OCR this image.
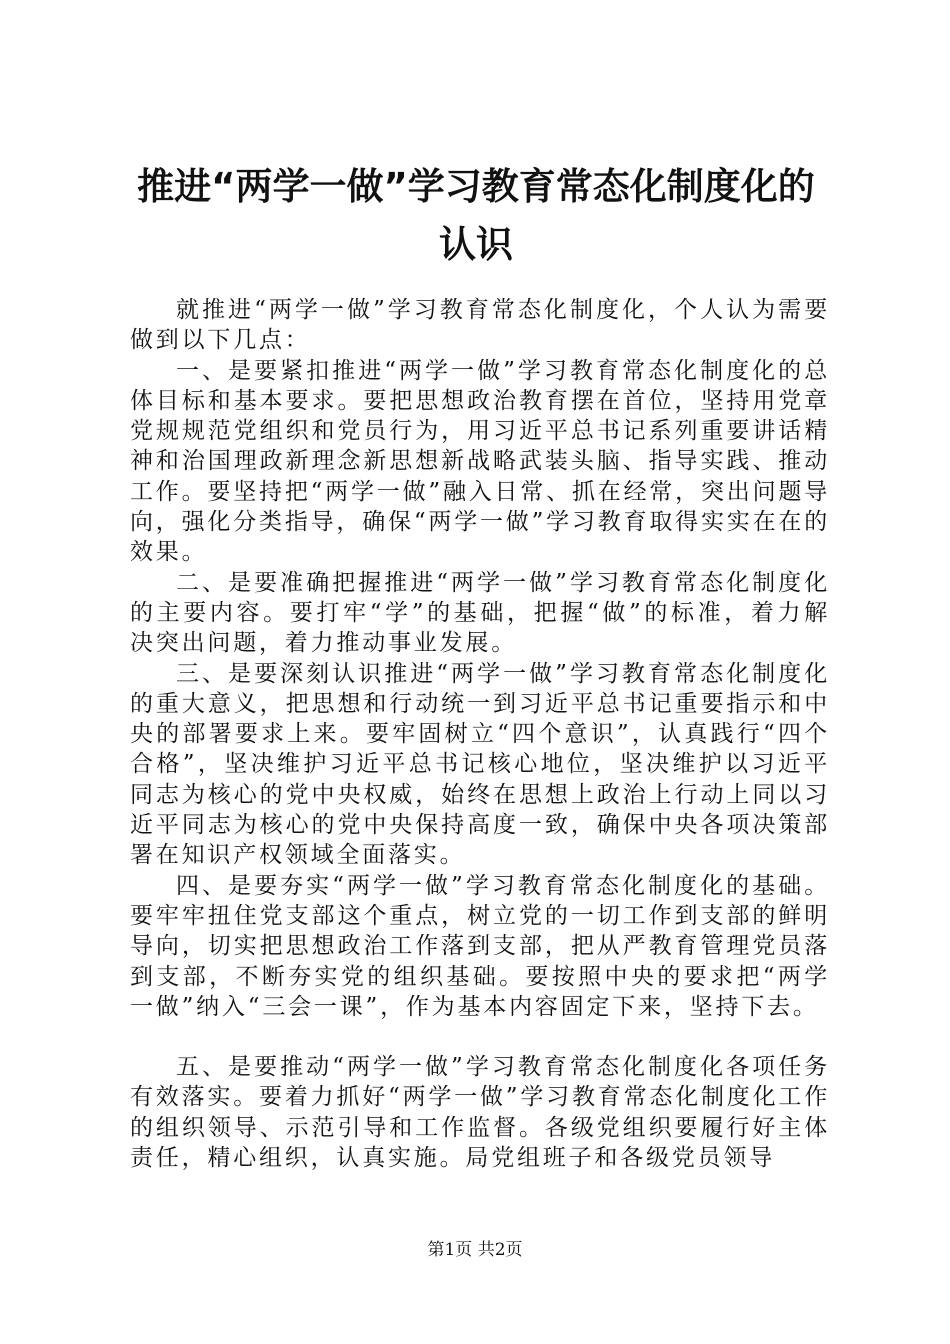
推进“两学一做”学习教育常态化制度化的认识

就推进“两学一做”学习教育常态化制度化，个人认为需要做到以下几点：

一、是要紧扣推进“两学一做”学习教育常态化制度化的总体目标和基本要求。要把思想政治教育摆在首位，坚持用党章党规规范党组织和党员行为，用习近平总书记系列重要讲话精神和治国理政新理念新思想新战略武装头脑、指导实践、推动工作。要坚持把“两学一做”融入日常、抓在经常，突出问题导向，强化分类指导，确保“两学一做”学习教育取得实实在在的效果。

二、是要准确把握推进“两学一做”学习教育常态化制度化的主要内容。要打牢“学”的基础，把握“做”的标准，着力解决突出问题，着力推动事业发展。

三、是要深刻认识推进“两学一做”学习教育常态化制度化的重大意义，把思想和行动统一到习近平总书记重要指示和中央的部署要求上来。要牢固树立“四个意识”，认真践行“四个合格”，坚决维护习近平总书记核心地位，坚决维护以习近平同志为核心的党中央权威，始终在思想上政治上行动上同以习近平同志为核心的党中央保持高度一致，确保中央各项决策部署在知识产权领域全面落实。

四、是要夯实“两学一做”学习教育常态化制度化的基础。要牢牢扭住党支部这个重点，树立党的一切工作到支部的鲜明导向，切实把思想政治工作落到支部，把从严教育管理党员落到支部，不断夯实党的组织基础。要按照中央的要求把“两学一做”纳入“三会一课”，作为基本内容固定下来，坚持下去。

五、是要推动“两学一做”学习教育常态化制度化各项任务有效落实。要着力抓好“两学一做”学习教育常态化制度化工作的组织领导、示范引导和工作监督。各级党组织要履行好主体责任，精心组织，认真实施。局党组班子和各级党员领导

第1页 共2页
